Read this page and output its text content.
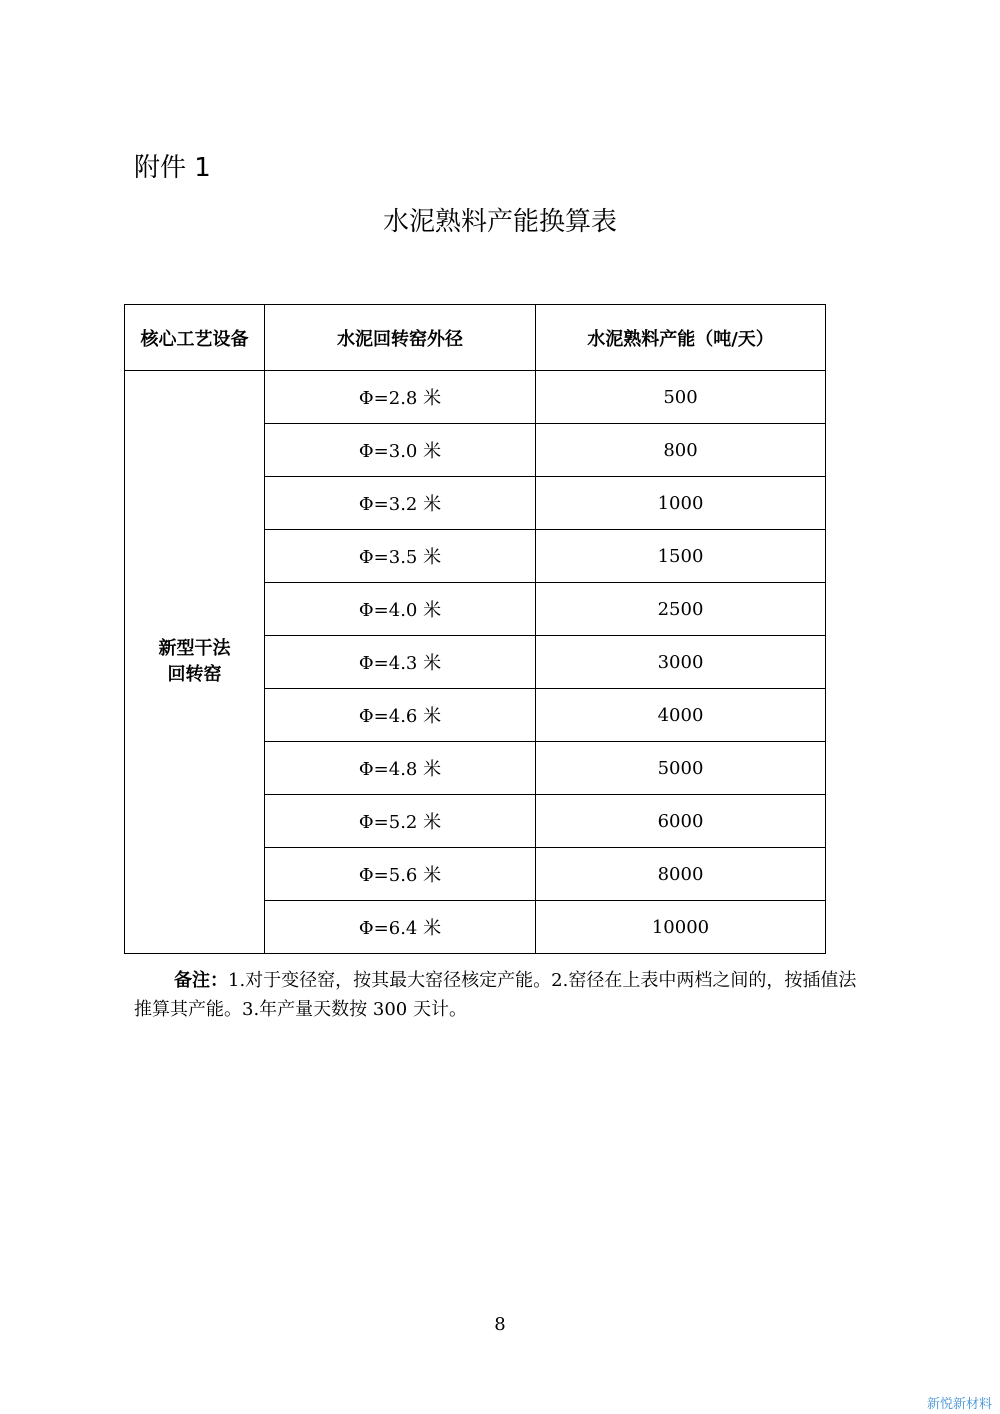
附件 1
水泥熟料产能换算表
核心工艺设备	水泥回转窑外径	水泥熟料产能（吨/天）
新型干法
回转窑	Φ=2.8 米	500
	Φ=3.0 米	800
	Φ=3.2 米	1000
	Φ=3.5 米	1500
	Φ=4.0 米	2500
	Φ=4.3 米	3000
	Φ=4.6 米	4000
	Φ=4.8 米	5000
	Φ=5.2 米	6000
	Φ=5.6 米	8000
	Φ=6.4 米	10000
备注：1.对于变径窑，按其最大窑径核定产能。2.窑径在上表中两档之间的，按插值法推算其产能。3.年产量天数按 300 天计。
8
新悦新材料
